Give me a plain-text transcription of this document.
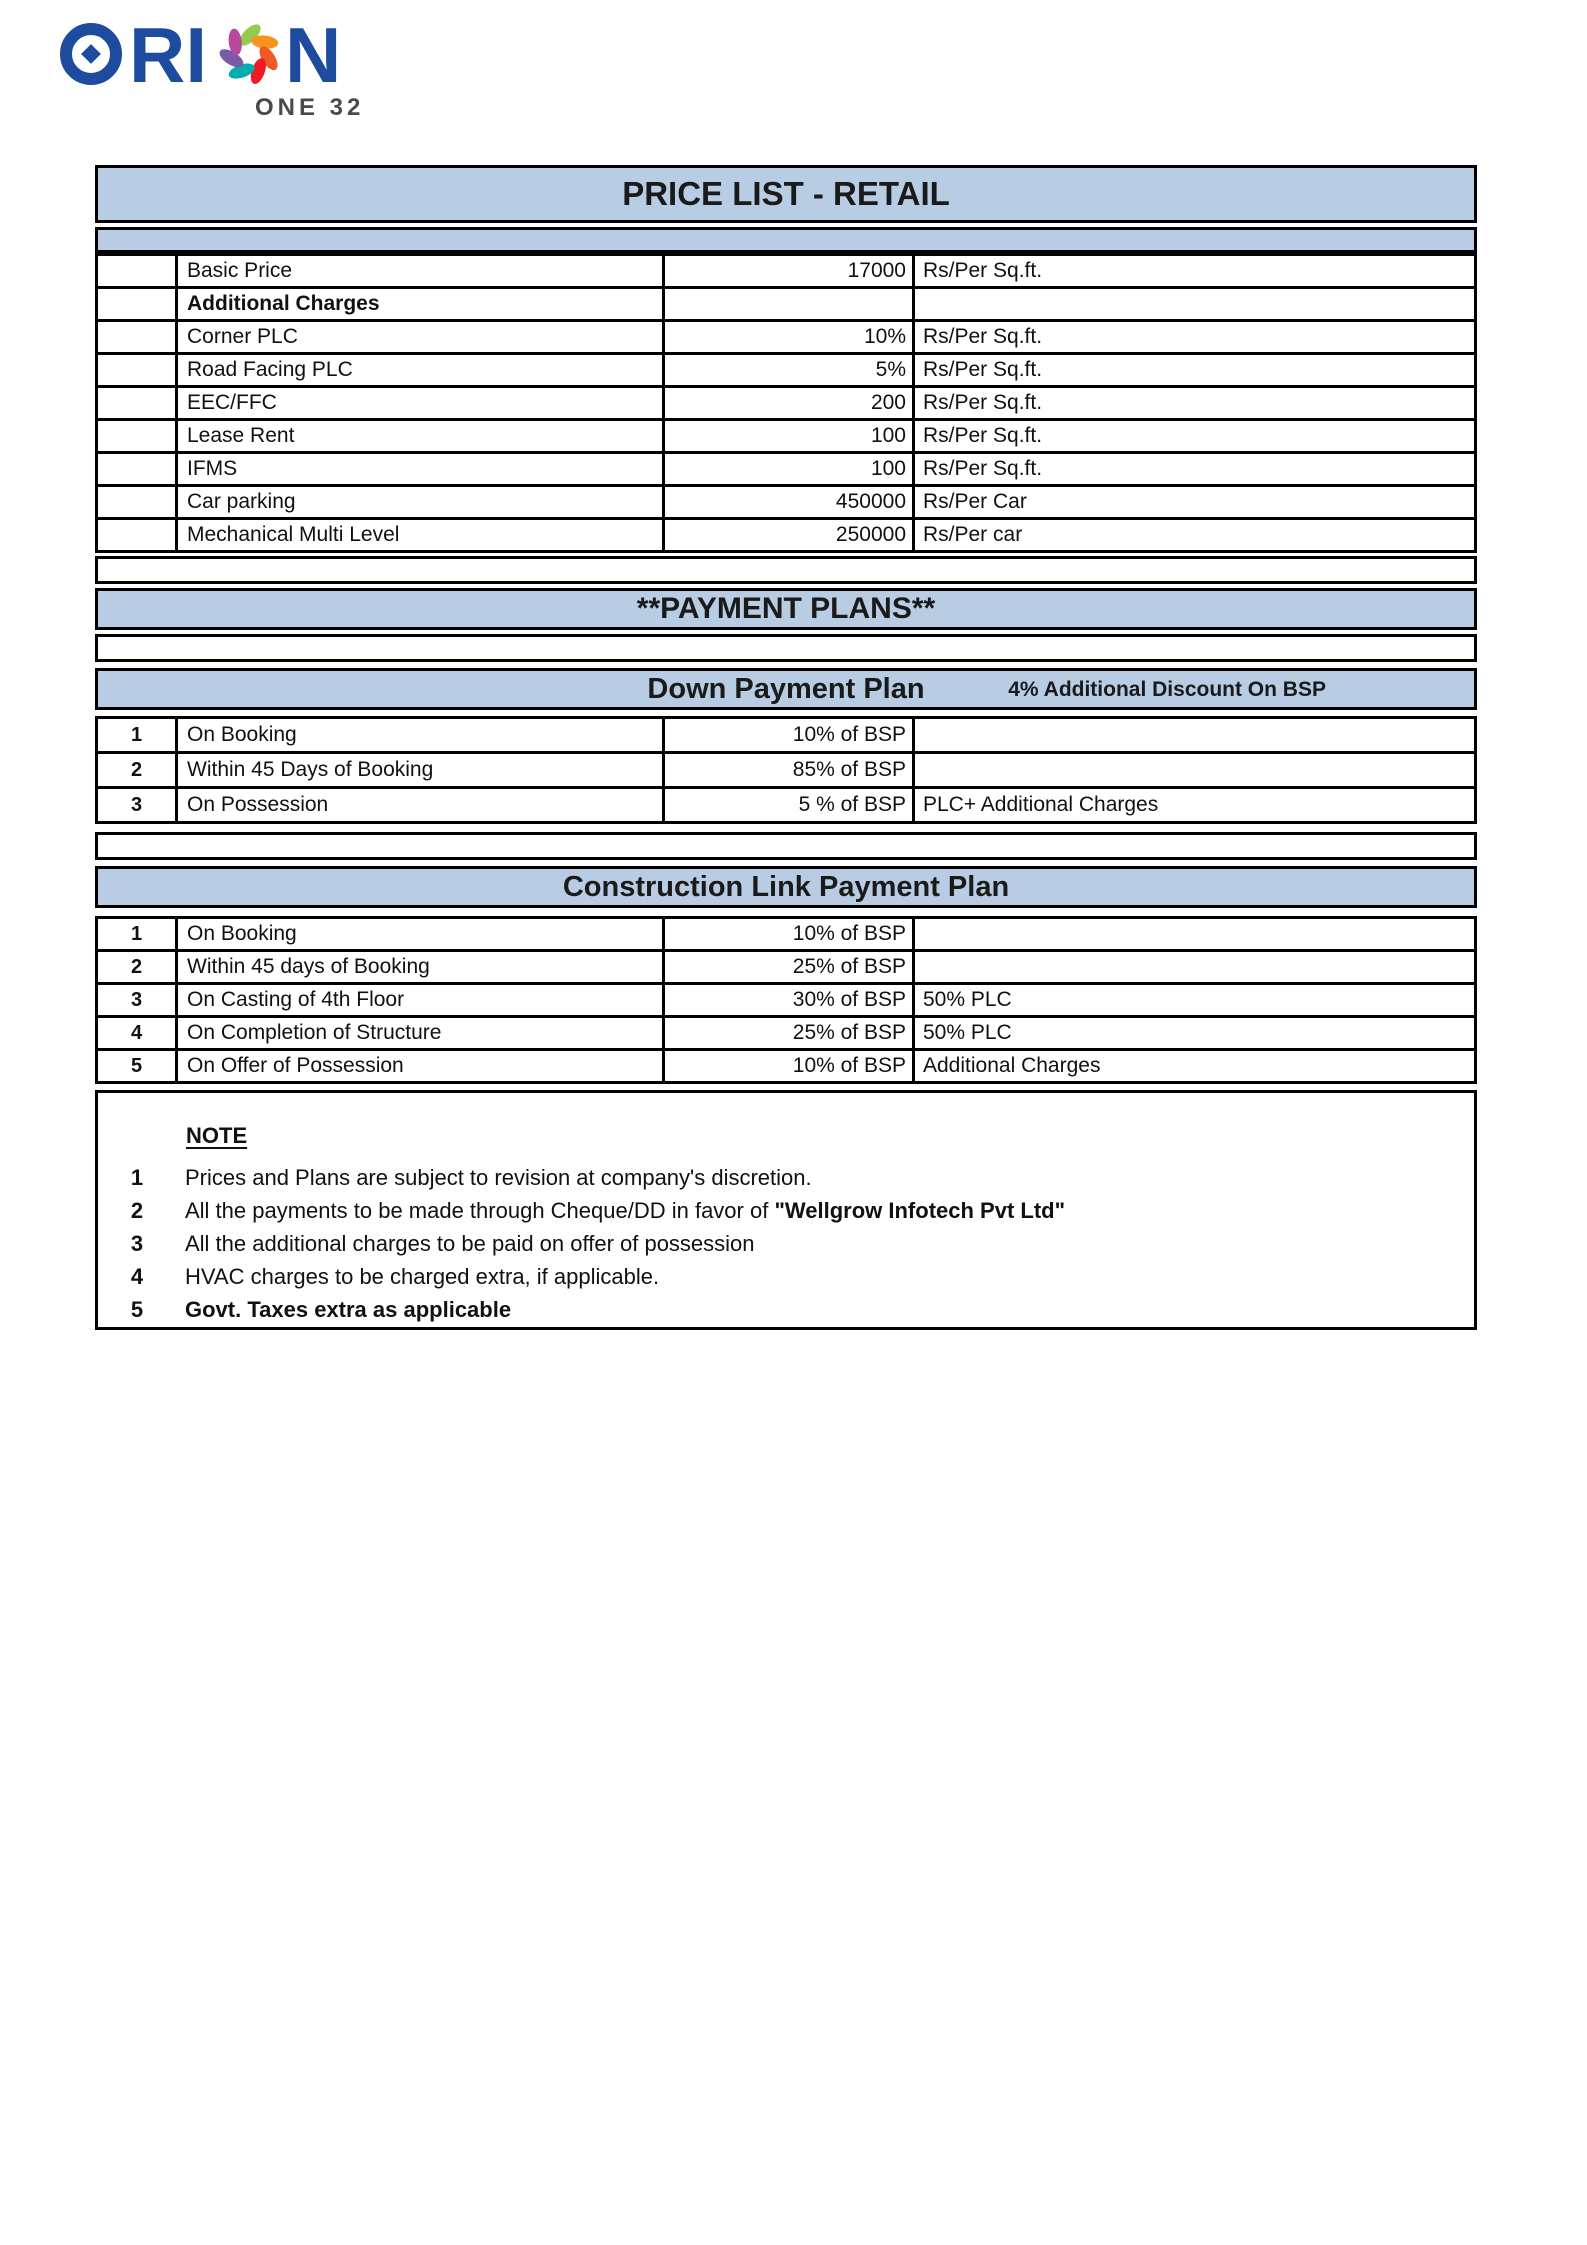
RI N
ONE 32
PRICE LIST - RETAIL
Basic Price	17000 Rs/Per Sq.ft.
Additional Charges
Corner PLC	10% Rs/Per Sq.ft.
Road Facing PLC	5% Rs/Per Sq.ft.
EEC/FFC	200 Rs/Per Sq.ft.
Lease Rent	100 Rs/Per Sq.ft.
IFMS	100 Rs/Per Sq.ft.
Car parking	450000 Rs/Per Car
Mechanical Multi Level	250000 Rs/Per car
**PAYMENT PLANS**
Down Payment Plan	4% Additional Discount On BSP
1	On Booking	10% of BSP
2	Within 45 Days of Booking	85% of BSP
3	On Possession	5 % of BSP PLC+ Additional Charges
Construction Link Payment Plan
1	On Booking	10% of BSP
2	Within 45 days of Booking	25% of BSP
3	On Casting of 4th Floor	30% of BSP 50% PLC
4	On Completion of Structure	25% of BSP 50% PLC
5	On Offer of Possession	10% of BSP Additional Charges
NOTE
1	Prices and Plans are subject to revision at company's discretion.
2	All the payments to be made through Cheque/DD in favor of "Wellgrow Infotech Pvt Ltd"
3	All the additional charges to be paid on offer of possession
4	HVAC charges to be charged extra, if applicable.
5	Govt. Taxes extra as applicable
